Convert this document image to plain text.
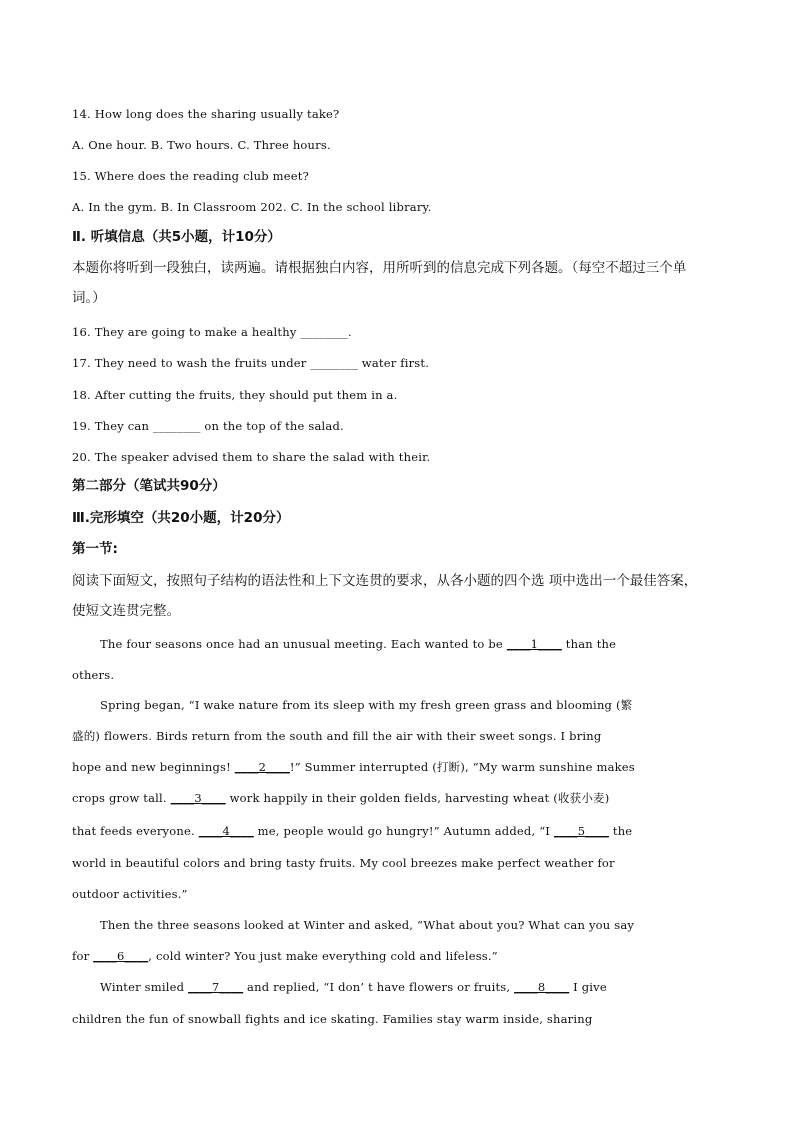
14. How long does the sharing usually take?
A. One hour. B. Two hours. C. Three hours.
15. Where does the reading club meet?
A. In the gym. B. In Classroom 202. C. In the school library.
Ⅱ. 听填信息（共5小题，计10分）
本题你将听到一段独白，读两遍。请根据独白内容，用所听到的信息完成下列各题。（每空不超过三个单
词。）
16. They are going to make a healthy ________.
17. They need to wash the fruits under ________ water first.
18. After cutting the fruits, they should put them in a.
19. They can ________ on the top of the salad.
20. The speaker advised them to share the salad with their.
第二部分（笔试共90分）
Ⅲ.完形填空（共20小题，计20分）
第一节:
阅读下面短文，按照句子结构的语法性和上下文连贯的要求，从各小题的四个选 项中选出一个最佳答案，
使短文连贯完整。
The four seasons once had an unusual meeting. Each wanted to be ____1____ than the
others.
Spring began, “I wake nature from its sleep with my fresh green grass and blooming (繁
盛的) flowers. Birds return from the south and fill the air with their sweet songs. I bring
hope and new beginnings! ____2____!” Summer interrupted (打断), “My warm sunshine makes
crops grow tall. ____3____ work happily in their golden fields, harvesting wheat (收获小麦)
that feeds everyone. ____4____ me, people would go hungry!” Autumn added, “I ____5____ the
world in beautiful colors and bring tasty fruits. My cool breezes make perfect weather for
outdoor activities.”
Then the three seasons looked at Winter and asked, “What about you? What can you say
for ____6____, cold winter? You just make everything cold and lifeless.”
Winter smiled ____7____ and replied, “I don’ t have flowers or fruits, ____8____ I give
children the fun of snowball fights and ice skating. Families stay warm inside, sharing
